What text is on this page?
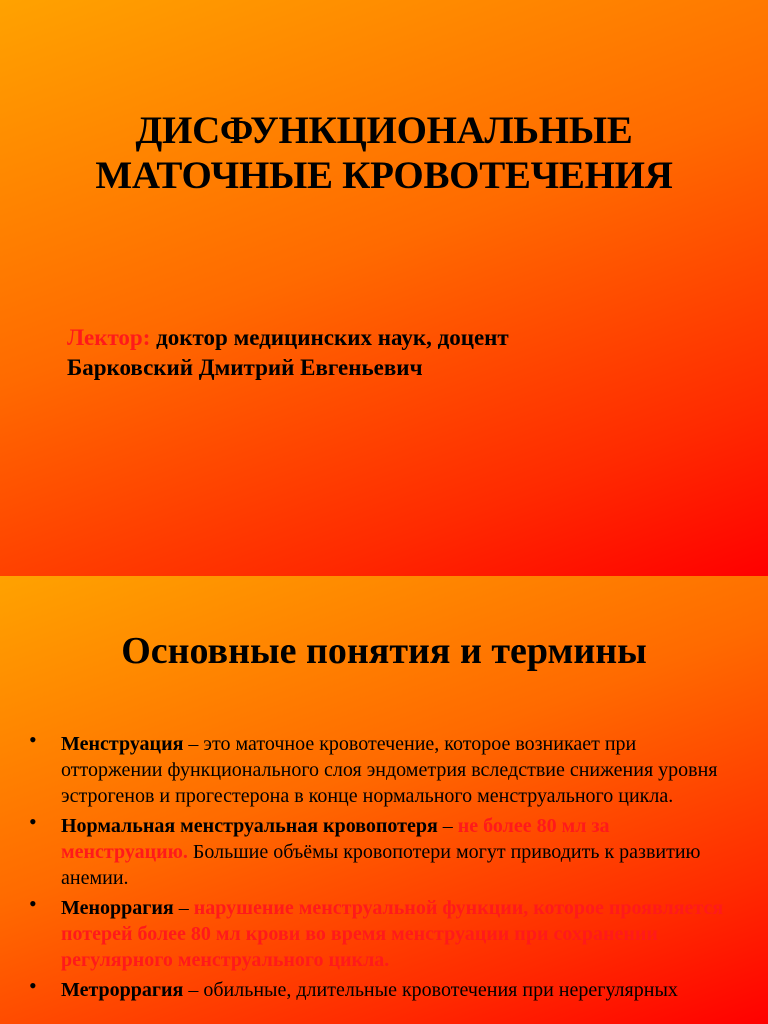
ДИСФУНКЦИОНАЛЬНЫЕ
МАТОЧНЫЕ КРОВОТЕЧЕНИЯ
Лектор: доктор медицинских наук, доцент
Барковский Дмитрий Евгеньевич
Основные понятия и термины
• Менструация – это маточное кровотечение, которое возникает при отторжении функционального слоя эндометрия вследствие снижения уровня эстрогенов и прогестерона в конце нормального менструального цикла.
• Нормальная менструальная кровопотеря – не более 80 мл за менструацию. Большие объёмы кровопотери могут приводить к развитию анемии.
• Меноррагия – нарушение менструальной функции, которое проявляется потерей более 80 мл крови во время менструации при сохранении регулярного менструального цикла.
• Метроррагия – обильные, длительные кровотечения при нерегулярных
